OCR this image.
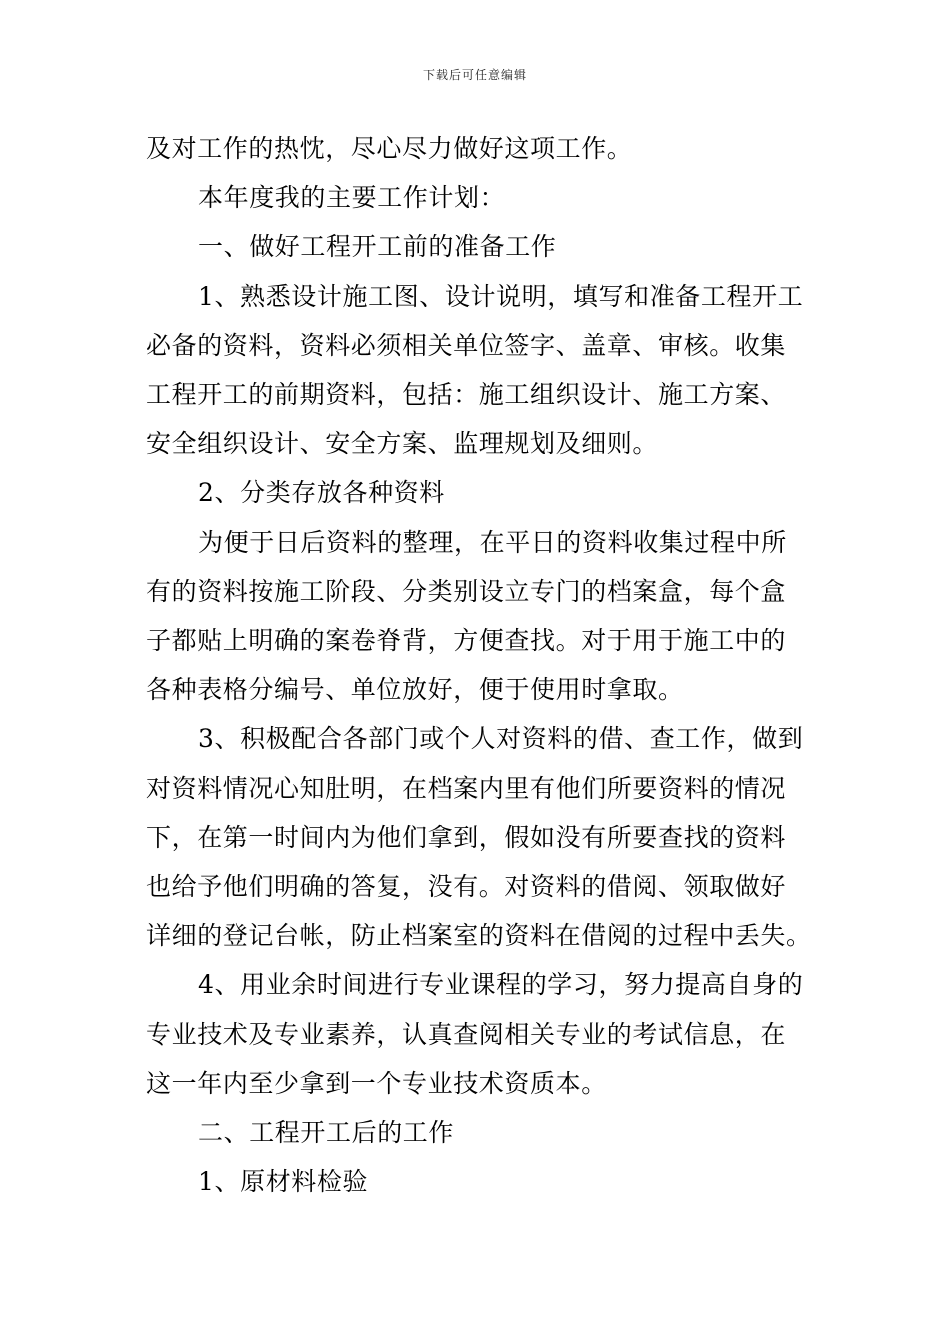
下载后可任意编辑

及对工作的热忱，尽心尽力做好这项工作。

本年度我的主要工作计划：

一、做好工程开工前的准备工作

1、熟悉设计施工图、设计说明，填写和准备工程开工

必备的资料，资料必须相关单位签字、盖章、审核。收集

工程开工的前期资料，包括：施工组织设计、施工方案、

安全组织设计、安全方案、监理规划及细则。

2、分类存放各种资料

为便于日后资料的整理，在平日的资料收集过程中所

有的资料按施工阶段、分类别设立专门的档案盒，每个盒

子都贴上明确的案卷脊背，方便查找。对于用于施工中的

各种表格分编号、单位放好，便于使用时拿取。

3、积极配合各部门或个人对资料的借、查工作，做到

对资料情况心知肚明，在档案内里有他们所要资料的情况

下，在第一时间内为他们拿到，假如没有所要查找的资料

也给予他们明确的答复，没有。对资料的借阅、领取做好

详细的登记台帐，防止档案室的资料在借阅的过程中丢失。

4、用业余时间进行专业课程的学习，努力提高自身的

专业技术及专业素养，认真查阅相关专业的考试信息，在

这一年内至少拿到一个专业技术资质本。

二、工程开工后的工作

1、原材料检验
